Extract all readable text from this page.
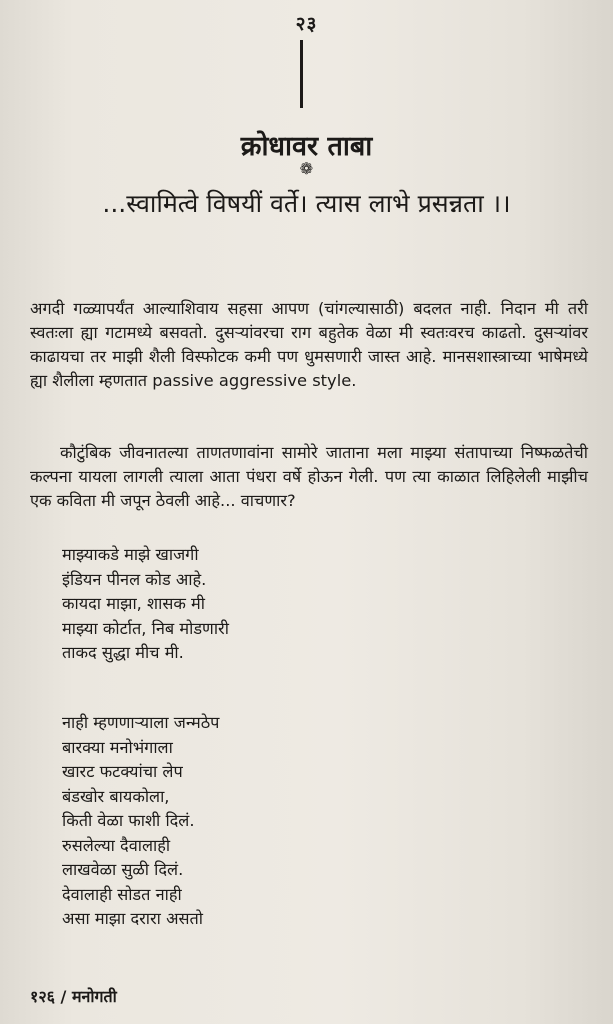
२३
क्रोधावर ताबा
❁
...स्वामित्वे विषयीं वर्ते। त्यास लाभे प्रसन्नता ।।

अगदी गळ्यापर्यंत आल्याशिवाय सहसा आपण (चांगल्यासाठी) बदलत नाही. निदान मी तरी स्वतःला ह्या गटामध्ये बसवतो. दुसऱ्यांवरचा राग बहुतेक वेळा मी स्वतःवरच काढतो. दुसऱ्यांवर काढायचा तर माझी शैली विस्फोटक कमी पण धुमसणारी जास्त आहे. मानसशास्त्राच्या भाषेमध्ये ह्या शैलीला म्हणतात passive aggressive style.

कौटुंबिक जीवनातल्या ताणतणावांना सामोरे जाताना मला माझ्या संतापाच्या निष्फळतेची कल्पना यायला लागली त्याला आता पंधरा वर्षे होऊन गेली. पण त्या काळात लिहिलेली माझीच एक कविता मी जपून ठेवली आहे... वाचणार?

माझ्याकडे माझे खाजगी
इंडियन पीनल कोड आहे.
कायदा माझा, शासक मी
माझ्या कोर्टात, निब मोडणारी
ताकद सुद्धा मीच मी.
नाही म्हणणाऱ्याला जन्मठेप
बारक्या मनोभंगाला
खारट फटक्यांचा लेप
बंडखोर बायकोला,
किती वेळा फाशी दिलं.
रुसलेल्या दैवालाही
लाखवेळा सुळी दिलं.
देवालाही सोडत नाही
असा माझा दरारा असतो
१२६ / मनोगती
